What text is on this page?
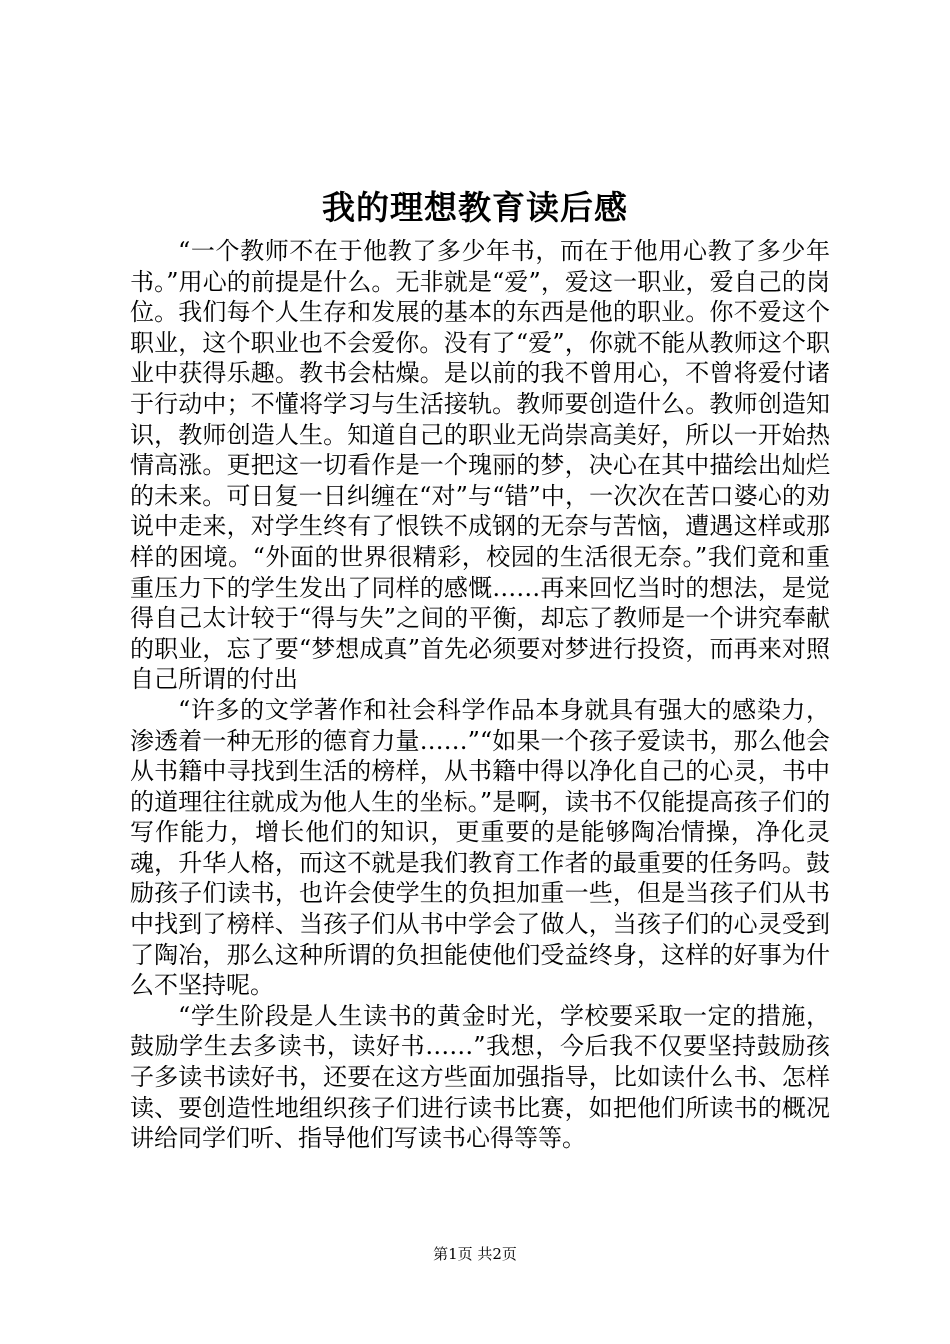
我的理想教育读后感

“一个教师不在于他教了多少年书，而在于他用心教了多少年书。”用心的前提是什么。无非就是“爱”，爱这一职业，爱自己的岗位。我们每个人生存和发展的基本的东西是他的职业。你不爱这个职业，这个职业也不会爱你。没有了“爱”，你就不能从教师这个职业中获得乐趣。教书会枯燥。是以前的我不曾用心，不曾将爱付诸于行动中；不懂将学习与生活接轨。教师要创造什么。教师创造知识，教师创造人生。知道自己的职业无尚崇高美好，所以一开始热情高涨。更把这一切看作是一个瑰丽的梦，决心在其中描绘出灿烂的未来。可日复一日纠缠在“对”与“错”中，一次次在苦口婆心的劝说中走来，对学生终有了恨铁不成钢的无奈与苦恼，遭遇这样或那样的困境。“外面的世界很精彩，校园的生活很无奈。”我们竟和重重压力下的学生发出了同样的感慨……再来回忆当时的想法，是觉得自己太计较于“得与失”之间的平衡，却忘了教师是一个讲究奉献的职业，忘了要“梦想成真”首先必须要对梦进行投资，而再来对照自己所谓的付出

“许多的文学著作和社会科学作品本身就具有强大的感染力，渗透着一种无形的德育力量……”“如果一个孩子爱读书，那么他会从书籍中寻找到生活的榜样，从书籍中得以净化自己的心灵，书中的道理往往就成为他人生的坐标。”是啊，读书不仅能提高孩子们的写作能力，增长他们的知识，更重要的是能够陶冶情操，净化灵魂，升华人格，而这不就是我们教育工作者的最重要的任务吗。鼓励孩子们读书，也许会使学生的负担加重一些，但是当孩子们从书中找到了榜样、当孩子们从书中学会了做人，当孩子们的心灵受到了陶冶，那么这种所谓的负担能使他们受益终身，这样的好事为什么不坚持呢。

“学生阶段是人生读书的黄金时光，学校要采取一定的措施，鼓励学生去多读书，读好书……”我想，今后我不仅要坚持鼓励孩子多读书读好书，还要在这方些面加强指导，比如读什么书、怎样读、要创造性地组织孩子们进行读书比赛，如把他们所读书的概况讲给同学们听、指导他们写读书心得等等。

第1页 共2页
